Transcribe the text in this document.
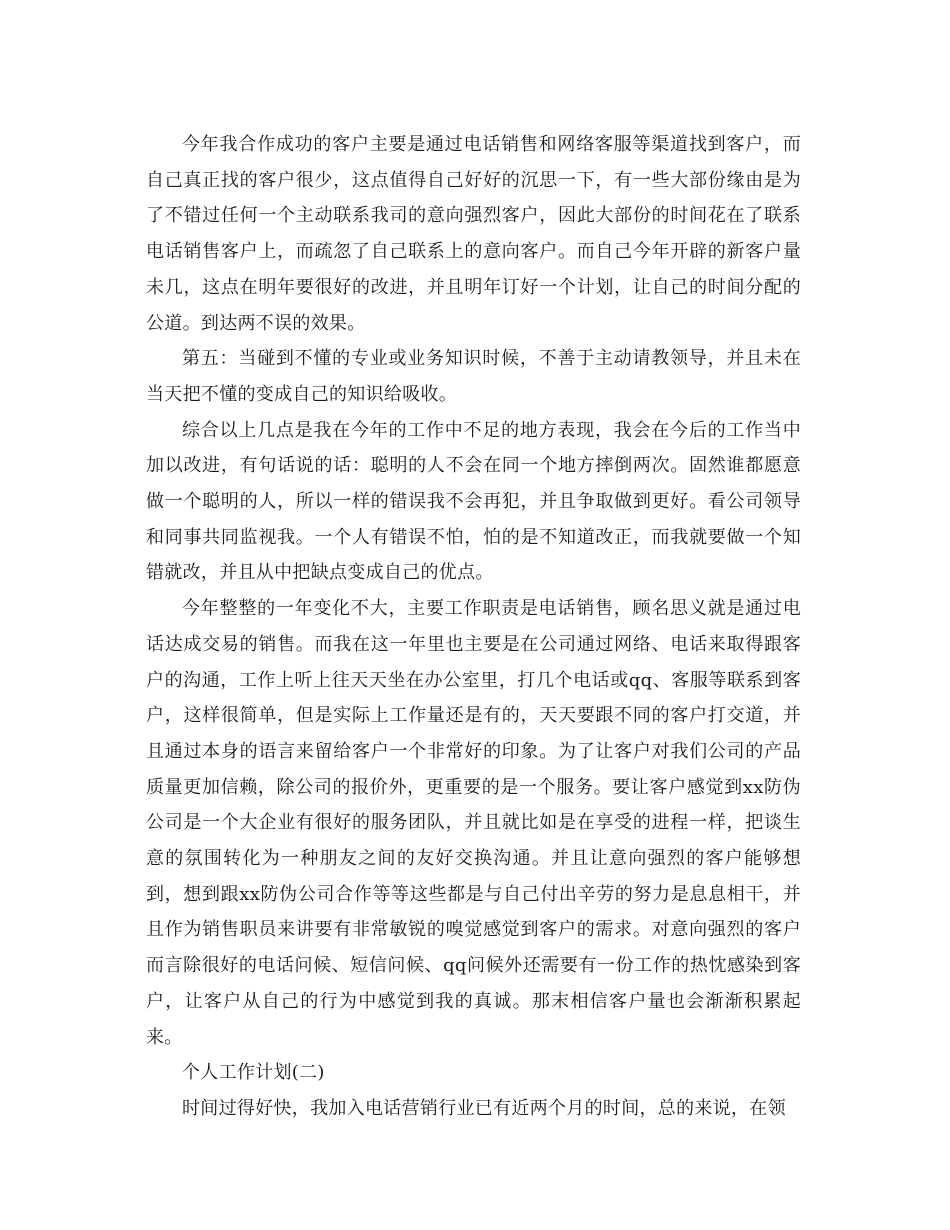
今年我合作成功的客户主要是通过电话销售和网络客服等渠道找到客户，而自己真正找的客户很少，这点值得自己好好的沉思一下，有一些大部份缘由是为了不错过任何一个主动联系我司的意向强烈客户，因此大部份的时间花在了联系电话销售客户上，而疏忽了自己联系上的意向客户。而自己今年开辟的新客户量未几，这点在明年要很好的改进，并且明年订好一个计划，让自己的时间分配的公道。到达两不误的效果。

第五：当碰到不懂的专业或业务知识时候，不善于主动请教领导，并且未在当天把不懂的变成自己的知识给吸收。

综合以上几点是我在今年的工作中不足的地方表现，我会在今后的工作当中加以改进，有句话说的话：聪明的人不会在同一个地方摔倒两次。固然谁都愿意做一个聪明的人，所以一样的错误我不会再犯，并且争取做到更好。看公司领导和同事共同监视我。一个人有错误不怕，怕的是不知道改正，而我就要做一个知错就改，并且从中把缺点变成自己的优点。

今年整整的一年变化不大，主要工作职责是电话销售，顾名思义就是通过电话达成交易的销售。而我在这一年里也主要是在公司通过网络、电话来取得跟客户的沟通，工作上听上往天天坐在办公室里，打几个电话或qq、客服等联系到客户，这样很简单，但是实际上工作量还是有的，天天要跟不同的客户打交道，并且通过本身的语言来留给客户一个非常好的印象。为了让客户对我们公司的产品质量更加信赖，除公司的报价外，更重要的是一个服务。要让客户感觉到xx防伪公司是一个大企业有很好的服务团队，并且就比如是在享受的进程一样，把谈生意的氛围转化为一种朋友之间的友好交换沟通。并且让意向强烈的客户能够想到，想到跟xx防伪公司合作等等这些都是与自己付出辛劳的努力是息息相干，并且作为销售职员来讲要有非常敏锐的嗅觉感觉到客户的需求。对意向强烈的客户而言除很好的电话问候、短信问候、qq问候外还需要有一份工作的热忱感染到客户，让客户从自己的行为中感觉到我的真诚。那末相信客户量也会渐渐积累起来。

个人工作计划(二)

时间过得好快，我加入电话营销行业已有近两个月的时间，总的来说，在领
